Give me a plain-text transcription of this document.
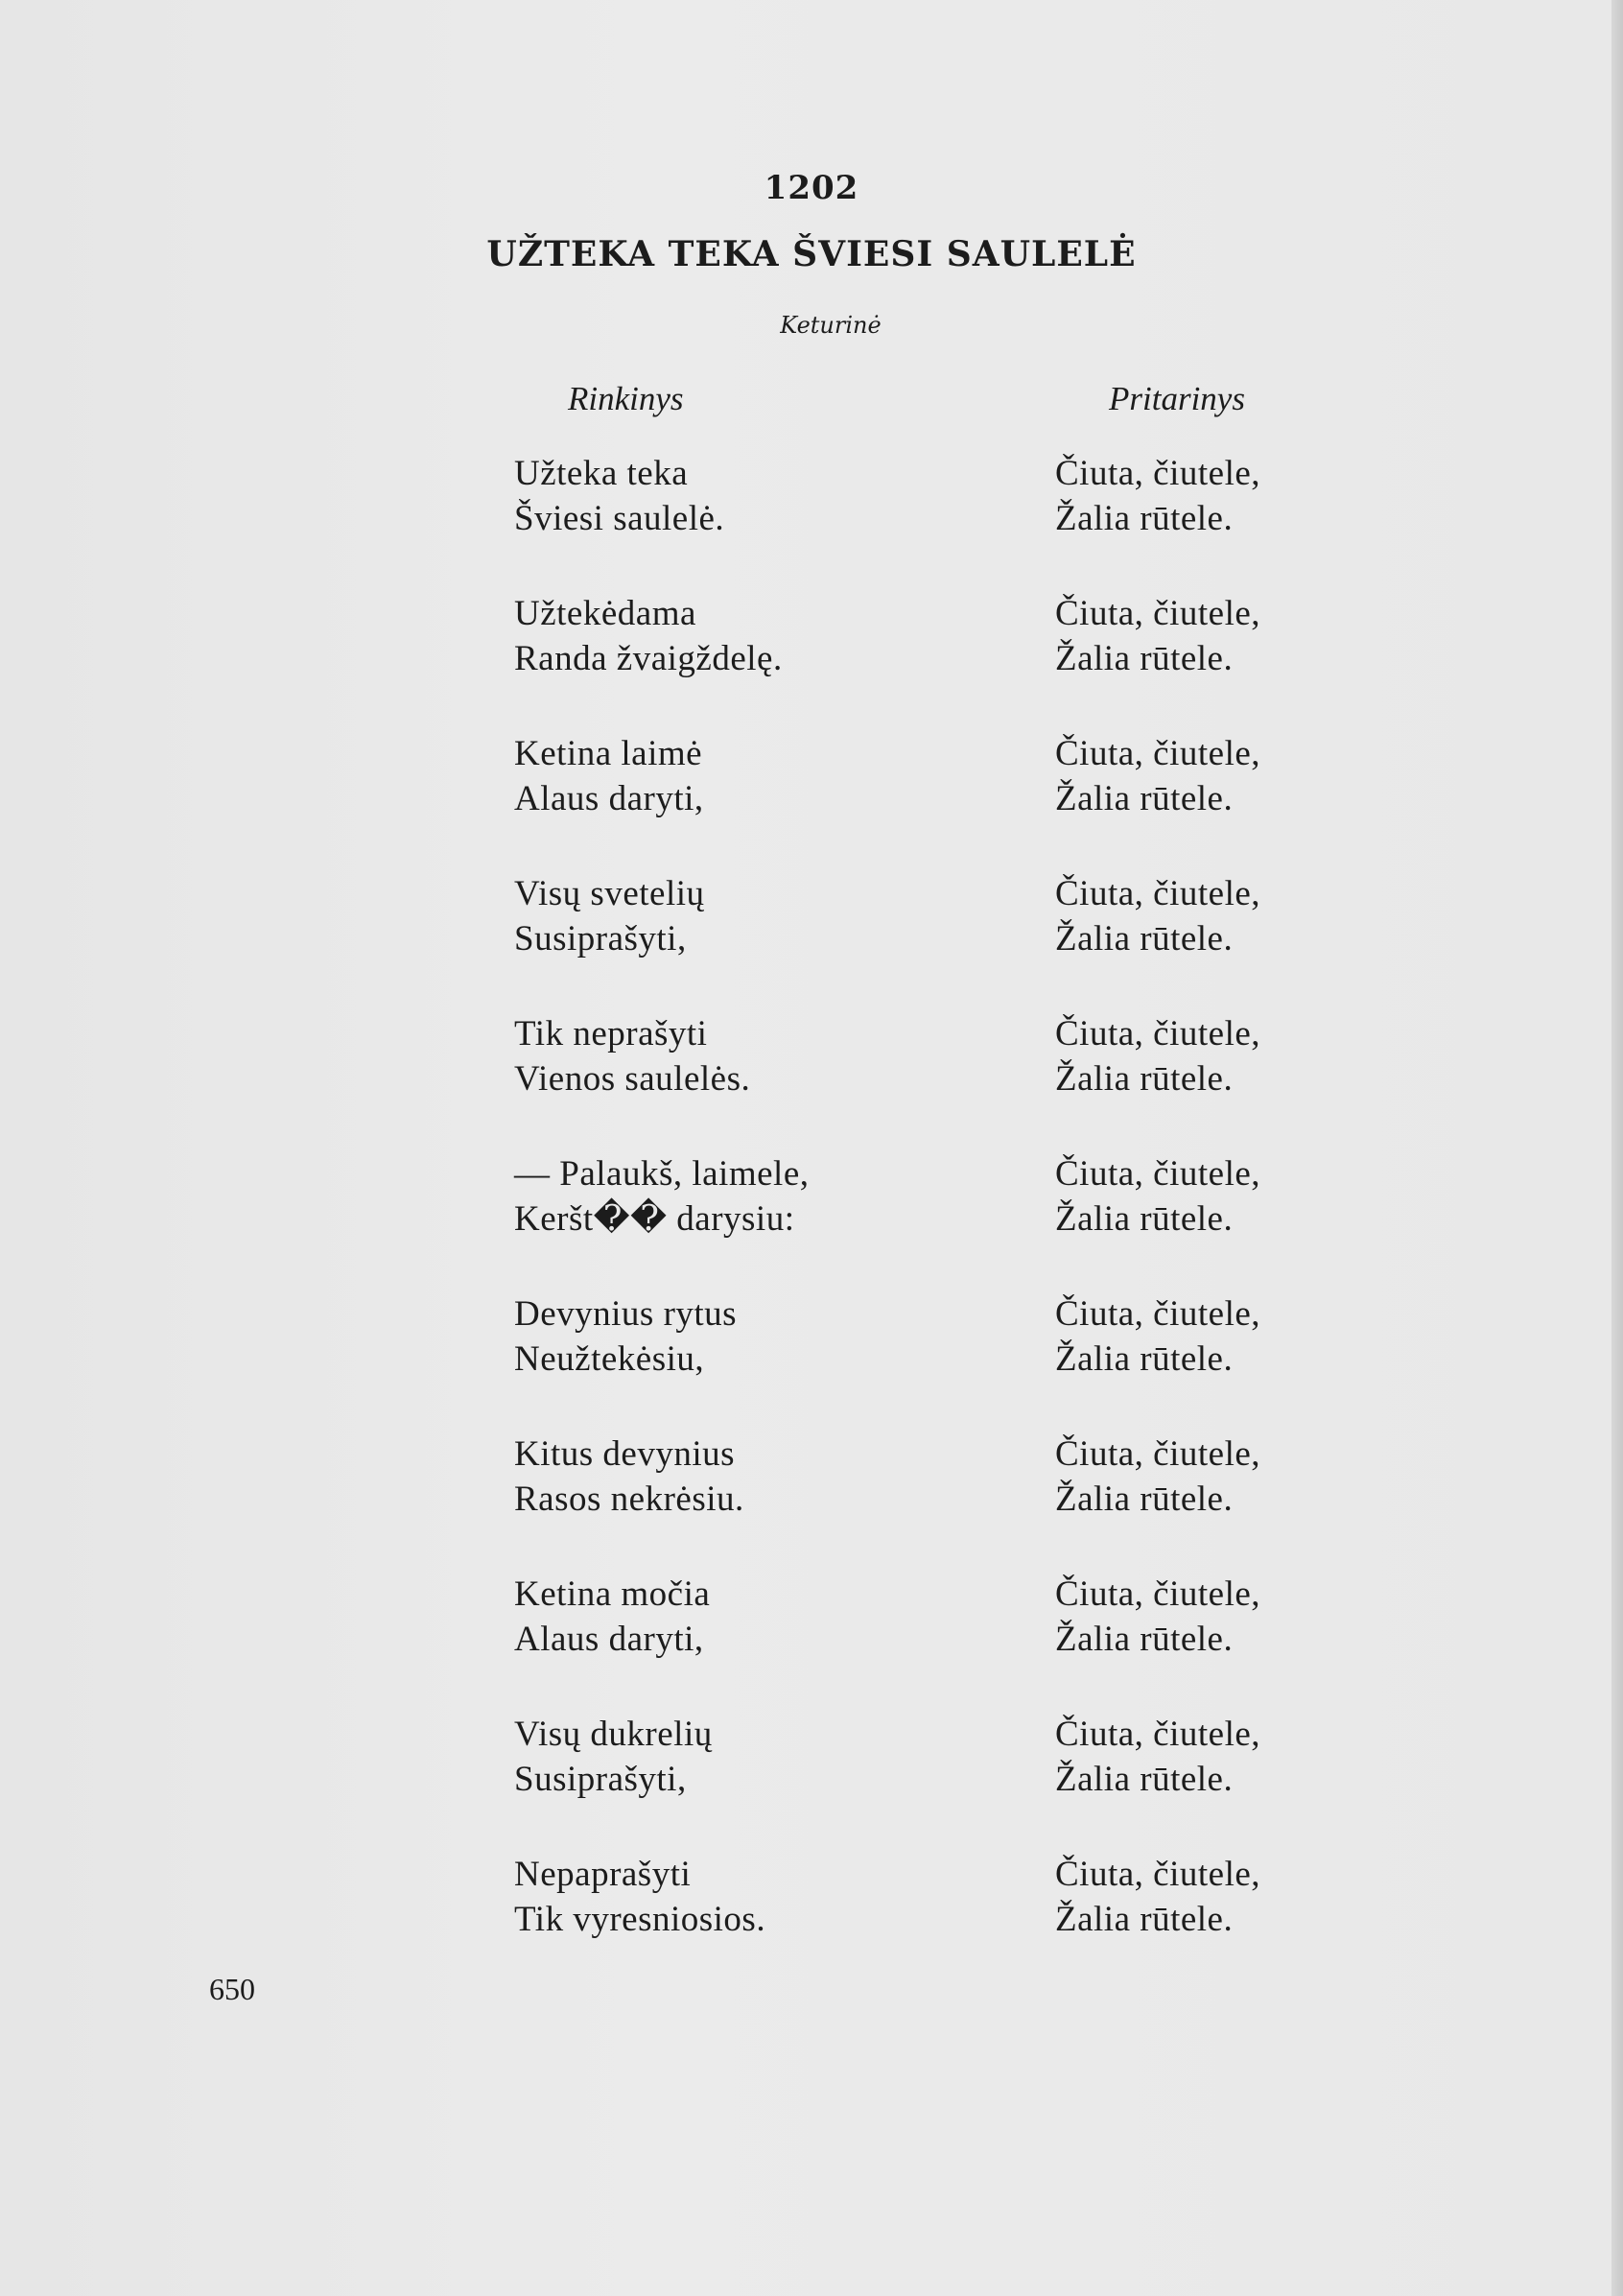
1202
UŽTEKA TEKA ŠVIESI SAULELĖ
Keturinė
Rinkinys	Pritarinys
Užteka teka
Šviesi saulelė.
Čiuta, čiutele,
Žalia rūtele.
Užtekėdama
Randa žvaigždelę.
Čiuta, čiutele,
Žalia rūtele.
Ketina laimė
Alaus daryti,
Čiuta, čiutele,
Žalia rūtele.
Visų svetelių
Susiprašyti,
Čiuta, čiutele,
Žalia rūtele.
Tik neprašyti
Vienos saulelės.
Čiuta, čiutele,
Žalia rūtele.
— Palaukš, laimele,
Keršt�� darysiu:
Čiuta, čiutele,
Žalia rūtele.
Devynius rytus
Neužtekėsiu,
Čiuta, čiutele,
Žalia rūtele.
Kitus devynius
Rasos nekrėsiu.
Čiuta, čiutele,
Žalia rūtele.
Ketina močia
Alaus daryti,
Čiuta, čiutele,
Žalia rūtele.
Visų dukrelių
Susiprašyti,
Čiuta, čiutele,
Žalia rūtele.
Nepaprašyti
Tik vyresniosios.
Čiuta, čiutele,
Žalia rūtele.
650
